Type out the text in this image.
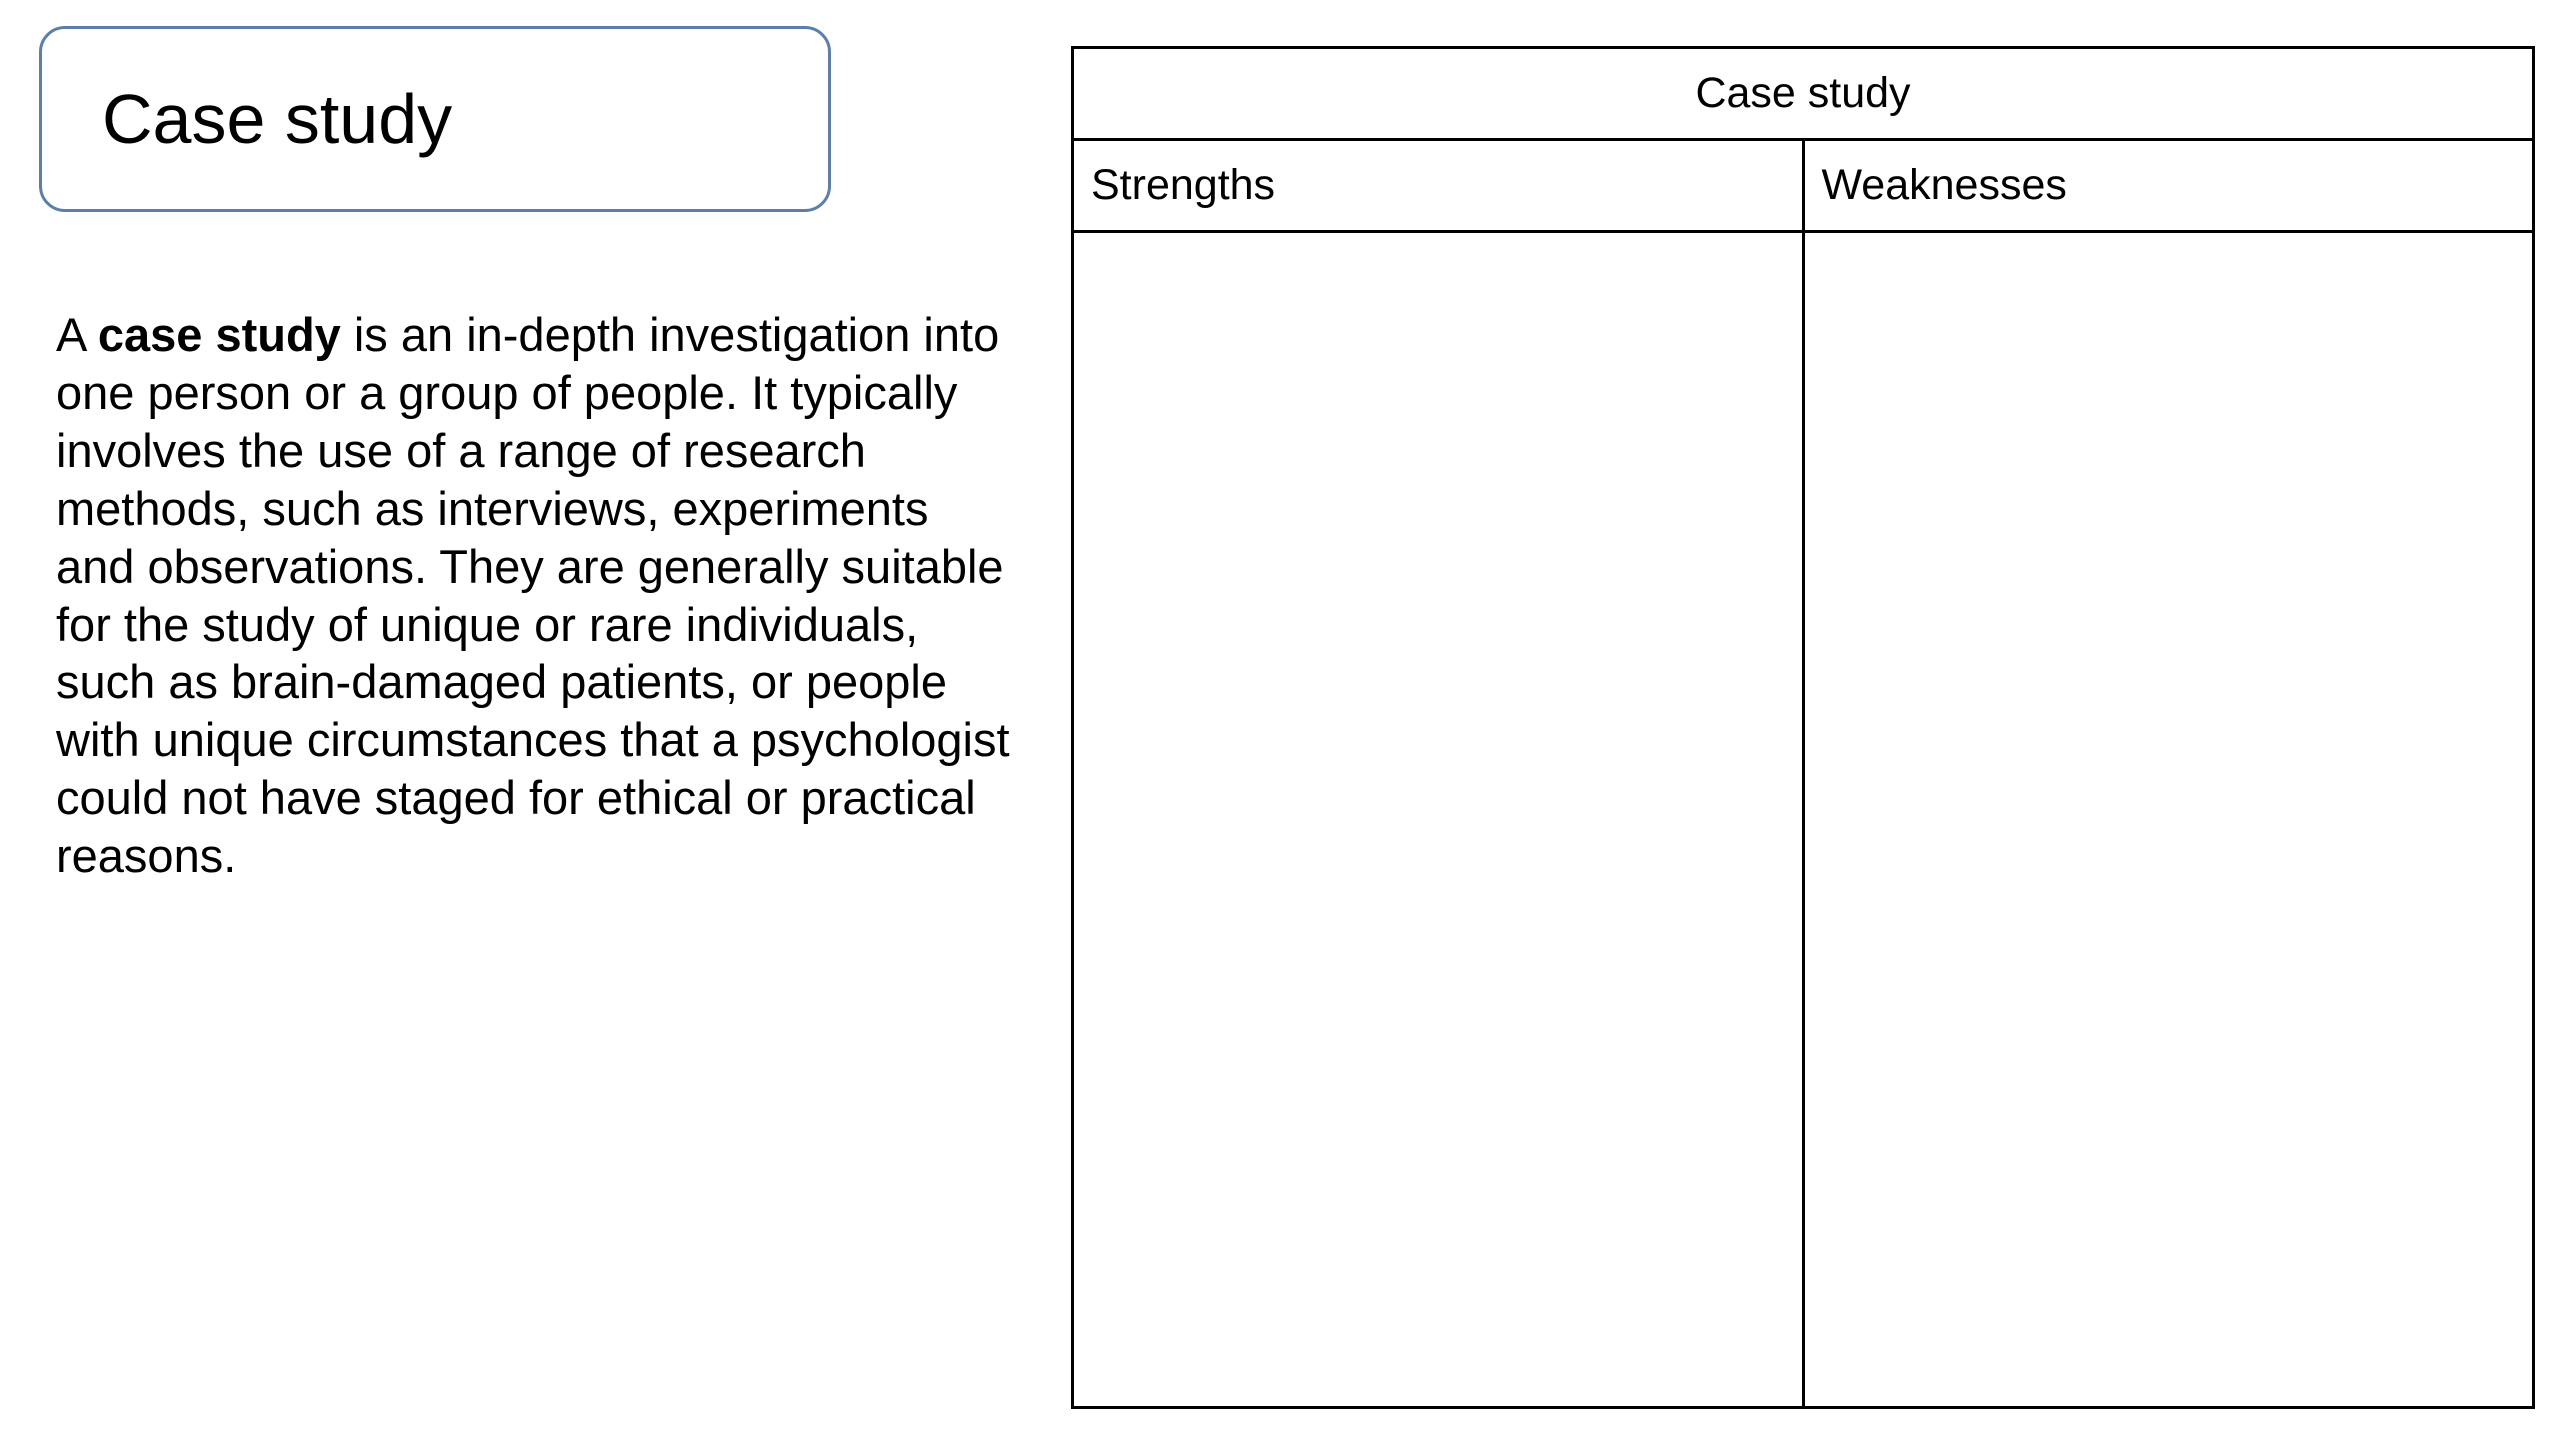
Case study

A case study is an in-depth investigation into one person or a group of people. It typically involves the use of a range of research methods, such as interviews, experiments and observations. They are generally suitable for the study of unique or rare individuals, such as brain-damaged patients, or people with unique circumstances that a psychologist could not have staged for ethical or practical reasons.

Case study	
Strengths	Weaknesses
